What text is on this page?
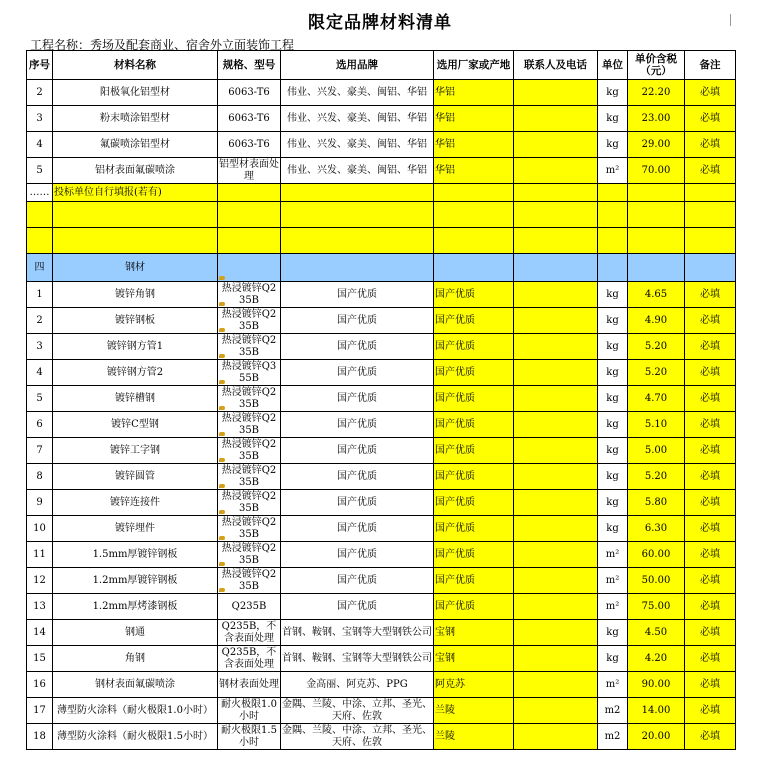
限定品牌材料清单
工程名称：秀场及配套商业、宿舍外立面装饰工程
序号	材料名称	规格、型号	选用品牌	选用厂家或产地	联系人及电话	单位	单价含税（元）	备注
2	阳极氧化铝型材	6063-T6	伟业、兴发、豪美、闽铝、华铝	华铝		kg	22.20	必填
3	粉末喷涂铝型材	6063-T6	伟业、兴发、豪美、闽铝、华铝	华铝		kg	23.00	必填
4	氟碳喷涂铝型材	6063-T6	伟业、兴发、豪美、闽铝、华铝	华铝		kg	29.00	必填
5	铝材表面氟碳喷涂	铝型材表面处理	伟业、兴发、豪美、闽铝、华铝	华铝		m²	70.00	必填
……	投标单位自行填报(若有)							

四	钢材							
1	镀锌角钢	热浸镀锌Q235B	国产优质	国产优质		kg	4.65	必填
2	镀锌钢板	热浸镀锌Q235B	国产优质	国产优质		kg	4.90	必填
3	镀锌钢方管1	热浸镀锌Q235B	国产优质	国产优质		kg	5.20	必填
4	镀锌钢方管2	热浸镀锌Q355B	国产优质	国产优质		kg	5.20	必填
5	镀锌槽钢	热浸镀锌Q235B	国产优质	国产优质		kg	4.70	必填
6	镀锌C型钢	热浸镀锌Q235B	国产优质	国产优质		kg	5.10	必填
7	镀锌工字钢	热浸镀锌Q235B	国产优质	国产优质		kg	5.00	必填
8	镀锌圆管	热浸镀锌Q235B	国产优质	国产优质		kg	5.20	必填
9	镀锌连接件	热浸镀锌Q235B	国产优质	国产优质		kg	5.80	必填
10	镀锌埋件	热浸镀锌Q235B	国产优质	国产优质		kg	6.30	必填
11	1.5mm厚镀锌钢板	热浸镀锌Q235B	国产优质	国产优质		m²	60.00	必填
12	1.2mm厚镀锌钢板	热浸镀锌Q235B	国产优质	国产优质		m²	50.00	必填
13	1.2mm厚烤漆钢板	Q235B	国产优质	国产优质		m²	75.00	必填
14	钢通	Q235B，不含表面处理	首钢、鞍钢、宝钢等大型钢铁公司	宝钢		kg	4.50	必填
15	角钢	Q235B，不含表面处理	首钢、鞍钢、宝钢等大型钢铁公司	宝钢		kg	4.20	必填
16	钢材表面氟碳喷涂	钢材表面处理	金高丽、阿克苏、PPG	阿克苏		m²	90.00	必填
17	薄型防火涂料（耐火极限1.0小时）	耐火极限1.0小时	金隅、兰陵、中涂、立邦、圣光、天府、佐敦	兰陵		m2	14.00	必填
18	薄型防火涂料（耐火极限1.5小时）	耐火极限1.5小时	金隅、兰陵、中涂、立邦、圣光、天府、佐敦	兰陵		m2	20.00	必填
